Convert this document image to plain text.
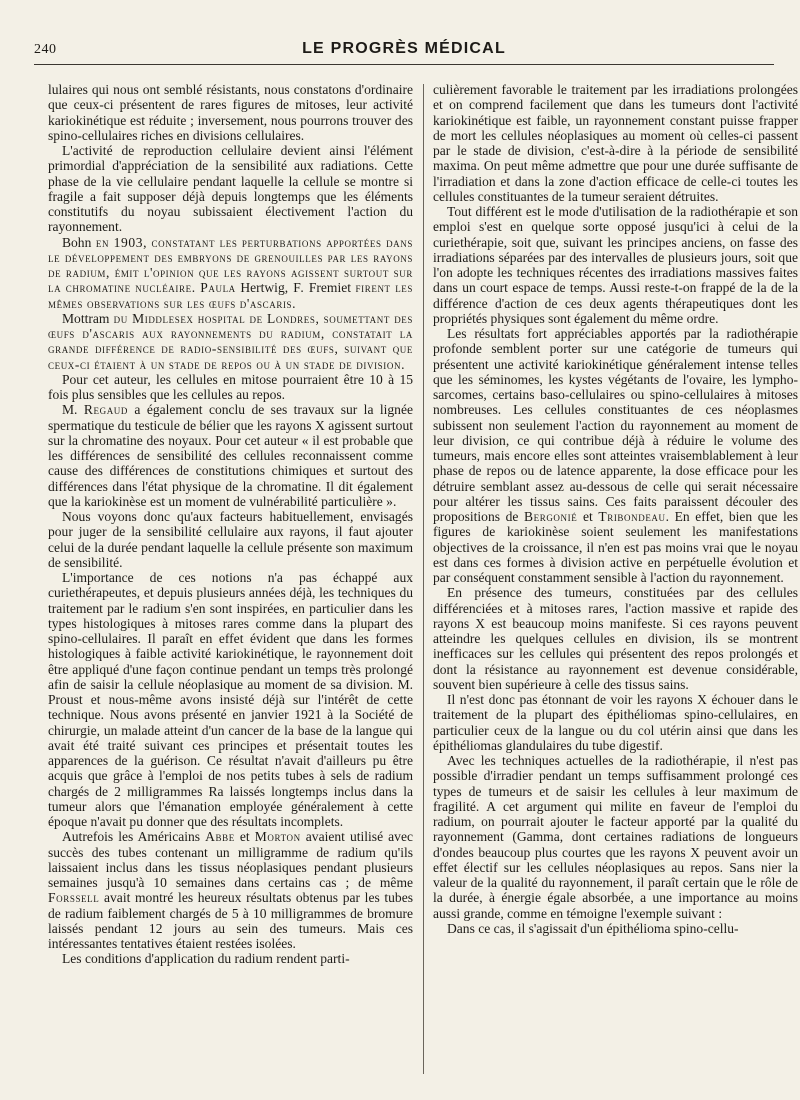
240	LE PROGRÈS MÉDICAL

lulaires qui nous ont semblé résistants, nous constatons d'ordinaire que ceux-ci présentent de rares figures de mitoses, leur activité kariokinétique est réduite ; inversement, nous pourrons trouver des spino-cellulaires riches en divisions cellulaires.

L'activité de reproduction cellulaire devient ainsi l'élément primordial d'appréciation de la sensibilité aux radiations. Cette phase de la vie cellulaire pendant laquelle la cellule se montre si fragile a fait supposer déjà depuis longtemps que les éléments constitutifs du noyau subissaient électivement l'action du rayonnement.

Bohn en 1903, constatant les perturbations apportées dans le développement des embryons de grenouilles par les rayons de radium, émit l'opinion que les rayons agissent surtout sur la chromatine nucléaire. Paula Hertwig, F. Fremiet firent les mêmes observations sur les œufs d'ascaris.

Mottram du Middlesex hospital de Londres, soumettant des œufs d'ascaris aux rayonnements du radium, constatait la grande différence de radio-sensibilité des œufs, suivant que ceux-ci étaient à un stade de repos ou à un stade de division.

Pour cet auteur, les cellules en mitose pourraient être 10 à 15 fois plus sensibles que les cellules au repos.

M. Regaud a également conclu de ses travaux sur la lignée spermatique du testicule de bélier que les rayons X agissent surtout sur la chromatine des noyaux. Pour cet auteur « il est probable que les différences de sensibilité des cellules reconnaissent comme cause des différences de constitutions chimiques et surtout des différences dans l'état physique de la chromatine. Il dit également que la kariokinèse est un moment de vulnérabilité particulière ».

Nous voyons donc qu'aux facteurs habituellement, envisagés pour juger de la sensibilité cellulaire aux rayons, il faut ajouter celui de la durée pendant laquelle la cellule présente son maximum de sensibilité.

L'importance de ces notions n'a pas échappé aux curiethérapeutes, et depuis plusieurs années déjà, les techniques du traitement par le radium s'en sont inspirées, en particulier dans les types histologiques à mitoses rares comme dans la plupart des spino-cellulaires. Il paraît en effet évident que dans les formes histologiques à faible activité kariokinétique, le rayonnement doit être appliqué d'une façon continue pendant un temps très prolongé afin de saisir la cellule néoplasique au moment de sa division. M. Proust et nous-même avons insisté déjà sur l'intérêt de cette technique. Nous avons présenté en janvier 1921 à la Société de chirurgie, un malade atteint d'un cancer de la base de la langue qui avait été traité suivant ces principes et présentait toutes les apparences de la guérison. Ce résultat n'avait d'ailleurs pu être acquis que grâce à l'emploi de nos petits tubes à sels de radium chargés de 2 milligrammes Ra laissés longtemps inclus dans la tumeur alors que l'émanation employée généralement à cette époque n'avait pu donner que des résultats incomplets.

Autrefois les Américains Abbe et Morton avaient utilisé avec succès des tubes contenant un milligramme de radium qu'ils laissaient inclus dans les tissus néoplasiques pendant plusieurs semaines jusqu'à 10 semaines dans certains cas ; de même Forssell avait montré les heureux résultats obtenus par les tubes de radium faiblement chargés de 5 à 10 milligrammes de bromure laissés pendant 12 jours au sein des tumeurs. Mais ces intéressantes tentatives étaient restées isolées.

Les conditions d'application du radium rendent parti-

culièrement favorable le traitement par les irradiations prolongées et on comprend facilement que dans les tumeurs dont l'activité kariokinétique est faible, un rayonnement constant puisse frapper de mort les cellules néoplasiques au moment où celles-ci passent par le stade de division, c'est-à-dire à la période de sensibilité maxima. On peut même admettre que pour une durée suffisante de l'irradiation et dans la zone d'action efficace de celle-ci toutes les cellules constituantes de la tumeur seraient détruites.

Tout différent est le mode d'utilisation de la radiothérapie et son emploi s'est en quelque sorte opposé jusqu'ici à celui de la curiethérapie, soit que, suivant les principes anciens, on fasse des irradiations séparées par des intervalles de plusieurs jours, soit que l'on adopte les techniques récentes des irradiations massives faites dans un court espace de temps. Aussi reste-t-on frappé de la de la différence d'action de ces deux agents thérapeutiques dont les propriétés physiques sont également du même ordre.

Les résultats fort appréciables apportés par la radiothérapie profonde semblent porter sur une catégorie de tumeurs qui présentent une activité kariokinétique généralement intense telles que les séminomes, les kystes végétants de l'ovaire, les lympho-sarcomes, certains baso-cellulaires ou spino-cellulaires à mitoses nombreuses. Les cellules constituantes de ces néoplasmes subissent non seulement l'action du rayonnement au moment de leur division, ce qui contribue déjà à réduire le volume des tumeurs, mais encore elles sont atteintes vraisemblablement à leur phase de repos ou de latence apparente, la dose efficace pour les détruire semblant assez au-dessous de celle qui serait nécessaire pour altérer les tissus sains. Ces faits paraissent découler des propositions de Bergonié et Tribondeau. En effet, bien que les figures de kariokinèse soient seulement les manifestations objectives de la croissance, il n'en est pas moins vrai que le noyau est dans ces formes à division active en perpétuelle évolution et par conséquent constamment sensible à l'action du rayonnement.

En présence des tumeurs, constituées par des cellules différenciées et à mitoses rares, l'action massive et rapide des rayons X est beaucoup moins manifeste. Si ces rayons peuvent atteindre les quelques cellules en division, ils se montrent inefficaces sur les cellules qui présentent des repos prolongés et dont la résistance au rayonnement est devenue considérable, souvent bien supérieure à celle des tissus sains.

Il n'est donc pas étonnant de voir les rayons X échouer dans le traitement de la plupart des épithéliomas spino-cellulaires, en particulier ceux de la langue ou du col utérin ainsi que dans les épithéliomas glandulaires du tube digestif.

Avec les techniques actuelles de la radiothérapie, il n'est pas possible d'irradier pendant un temps suffisamment prolongé ces types de tumeurs et de saisir les cellules à leur maximum de fragilité. A cet argument qui milite en faveur de l'emploi du radium, on pourrait ajouter le facteur apporté par la qualité du rayonnement (Gamma, dont certaines radiations de longueurs d'ondes beaucoup plus courtes que les rayons X peuvent avoir un effet électif sur les cellules néoplasiques au repos. Sans nier la valeur de la qualité du rayonnement, il paraît certain que le rôle de la durée, à énergie égale absorbée, a une importance au moins aussi grande, comme en témoigne l'exemple suivant :

Dans ce cas, il s'agissait d'un épithélioma spino-cellu-
